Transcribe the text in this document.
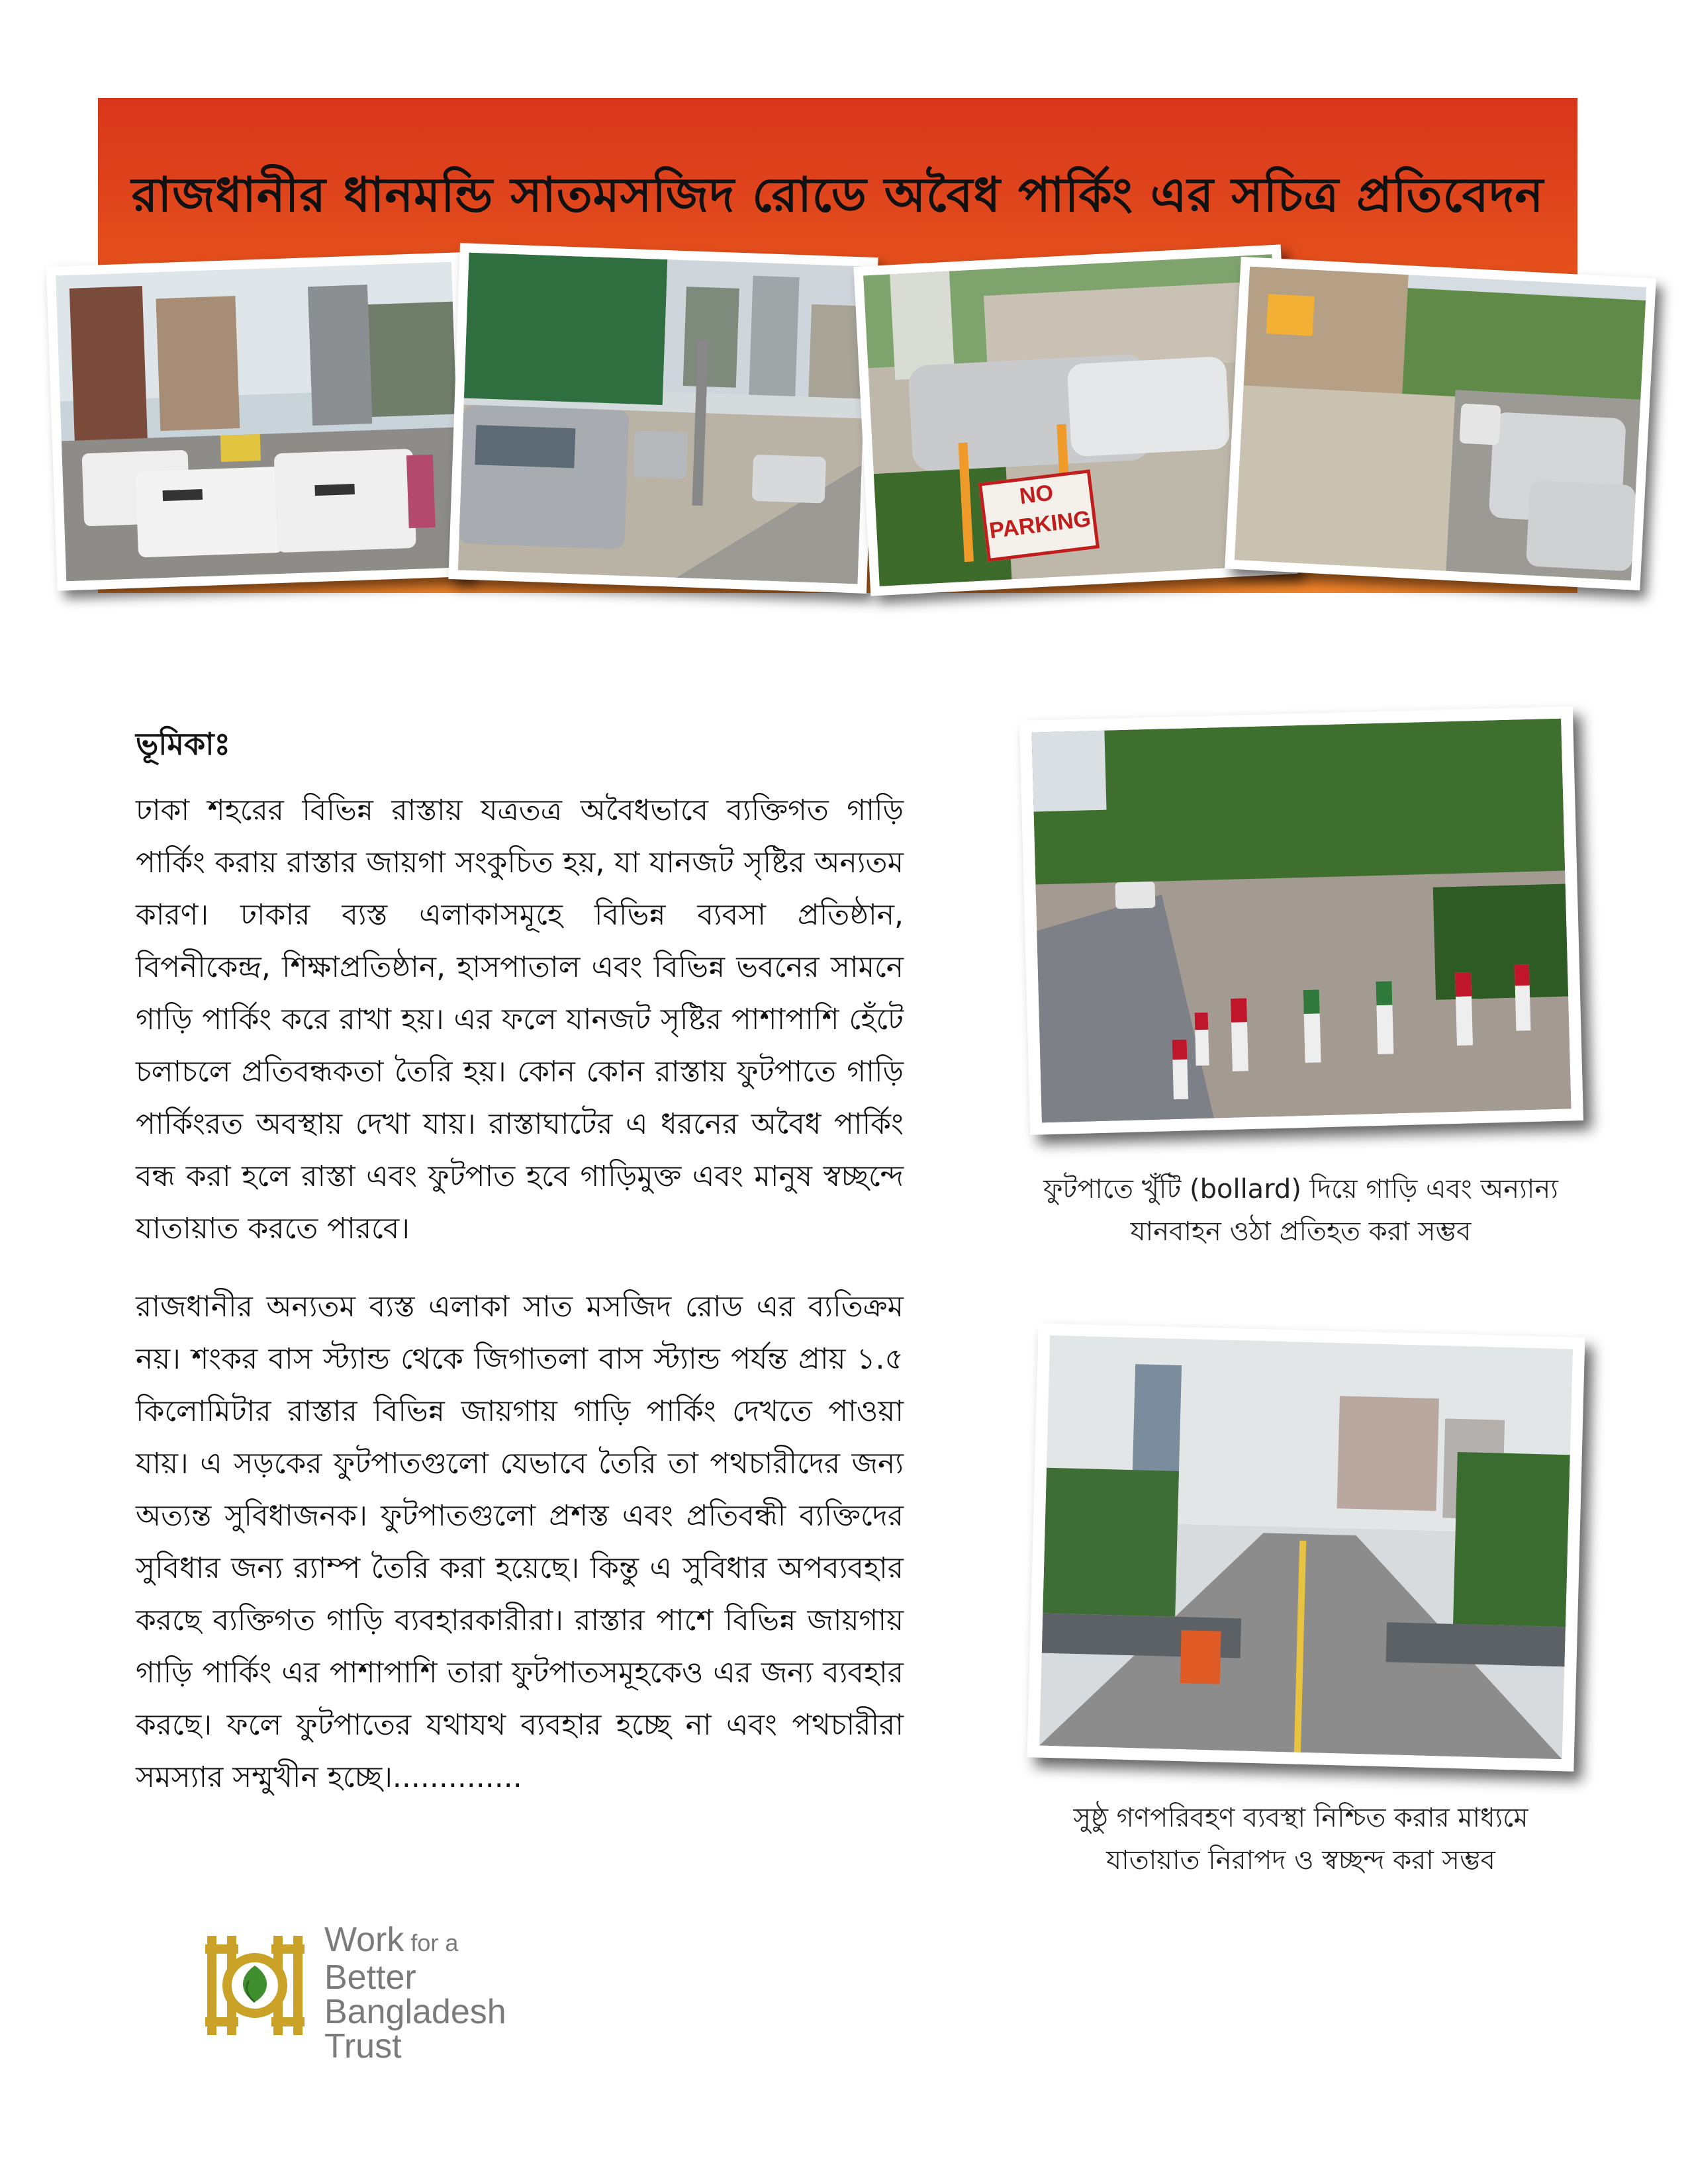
রাজধানীর ধানমন্ডি সাতমসজিদ রোডে অবৈধ পার্কিং এর সচিত্র প্রতিবেদন
NO
PARKING
ভূমিকাঃ

ঢাকা শহরের বিভিন্ন রাস্তায় যত্রতত্র অবৈধভাবে ব্যক্তিগত গাড়ি পার্কিং করায় রাস্তার জায়গা সংকুচিত হয়, যা যানজট সৃষ্টির অন্যতম কারণ। ঢাকার ব্যস্ত এলাকাসমূহে বিভিন্ন ব্যবসা প্রতিষ্ঠান, বিপনীকেন্দ্র, শিক্ষাপ্রতিষ্ঠান, হাসপাতাল এবং বিভিন্ন ভবনের সামনে গাড়ি পার্কিং করে রাখা হয়। এর ফলে যানজট সৃষ্টির পাশাপাশি হেঁটে চলাচলে প্রতিবন্ধকতা তৈরি হয়। কোন কোন রাস্তায় ফুটপাতে গাড়ি পার্কিংরত অবস্থায় দেখা যায়। রাস্তাঘাটের এ ধরনের অবৈধ পার্কিং বন্ধ করা হলে রাস্তা এবং ফুটপাত হবে গাড়িমুক্ত এবং মানুষ স্বচ্ছন্দে যাতায়াত করতে পারবে।

রাজধানীর অন্যতম ব্যস্ত এলাকা সাত মসজিদ রোড এর ব্যতিক্রম নয়। শংকর বাস স্ট্যান্ড থেকে জিগাতলা বাস স্ট্যান্ড পর্যন্ত প্রায় ১.৫ কিলোমিটার রাস্তার বিভিন্ন জায়গায় গাড়ি পার্কিং দেখতে পাওয়া যায়। এ সড়কের ফুটপাতগুলো যেভাবে তৈরি তা পথচারীদের জন্য অত্যন্ত সুবিধাজনক। ফুটপাতগুলো প্রশস্ত এবং প্রতিবন্ধী ব্যক্তিদের সুবিধার জন্য র‍্যাম্প তৈরি করা হয়েছে। কিন্তু এ সুবিধার অপব্যবহার করছে ব্যক্তিগত গাড়ি ব্যবহারকারীরা। রাস্তার পাশে বিভিন্ন জায়গায় গাড়ি পার্কিং এর পাশাপাশি তারা ফুটপাতসমূহকেও এর জন্য ব্যবহার করছে। ফলে ফুটপাতের যথাযথ ব্যবহার হচ্ছে না এবং পথচারীরা সমস্যার সম্মুখীন হচ্ছে।..............

ফুটপাতে খুঁটি (bollard) দিয়ে গাড়ি এবং অন্যান্য
যানবাহন ওঠা প্রতিহত করা সম্ভব
সুষ্ঠু গণপরিবহণ ব্যবস্থা নিশ্চিত করার মাধ্যমে
যাতায়াত নিরাপদ ও স্বচ্ছন্দ করা সম্ভব
Work for a
Better
Bangladesh
Trust
